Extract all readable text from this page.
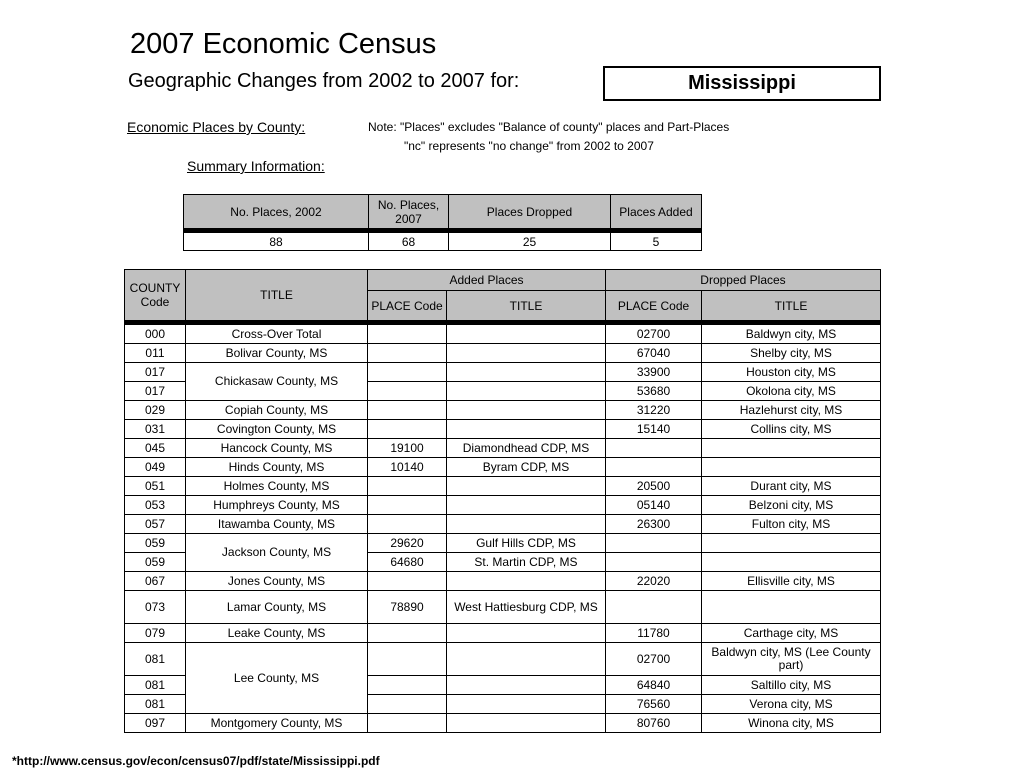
2007 Economic Census
Geographic Changes from 2002 to 2007 for:	Mississippi
Economic Places by County:	Note: "Places" excludes "Balance of county" places and Part-Places
"nc" represents "no change" from 2002 to 2007
Summary Information:
No. Places, 2002	No. Places, 2007	Places Dropped	Places Added
88	68	25	5
COUNTY Code	TITLE	Added Places		Dropped Places	
		PLACE Code	TITLE	PLACE Code	TITLE
000	Cross-Over Total			02700	Baldwyn city, MS
011	Bolivar County, MS			67040	Shelby city, MS
017	Chickasaw County, MS			33900	Houston city, MS
017				53680	Okolona city, MS
029	Copiah County, MS			31220	Hazlehurst city, MS
031	Covington County, MS			15140	Collins city, MS
045	Hancock County, MS	19100	Diamondhead CDP, MS		
049	Hinds County, MS	10140	Byram CDP, MS		
051	Holmes County, MS			20500	Durant city, MS
053	Humphreys County, MS			05140	Belzoni city, MS
057	Itawamba County, MS			26300	Fulton city, MS
059	Jackson County, MS	29620	Gulf Hills CDP, MS		
059		64680	St. Martin CDP, MS		
067	Jones County, MS			22020	Ellisville city, MS
073	Lamar County, MS	78890	West Hattiesburg CDP, MS		
079	Leake County, MS			11780	Carthage city, MS
081	Lee County, MS			02700	Baldwyn city, MS (Lee County part)
081				64840	Saltillo city, MS
081				76560	Verona city, MS
097	Montgomery County, MS			80760	Winona city, MS
*http://www.census.gov/econ/census07/pdf/state/Mississippi.pdf
